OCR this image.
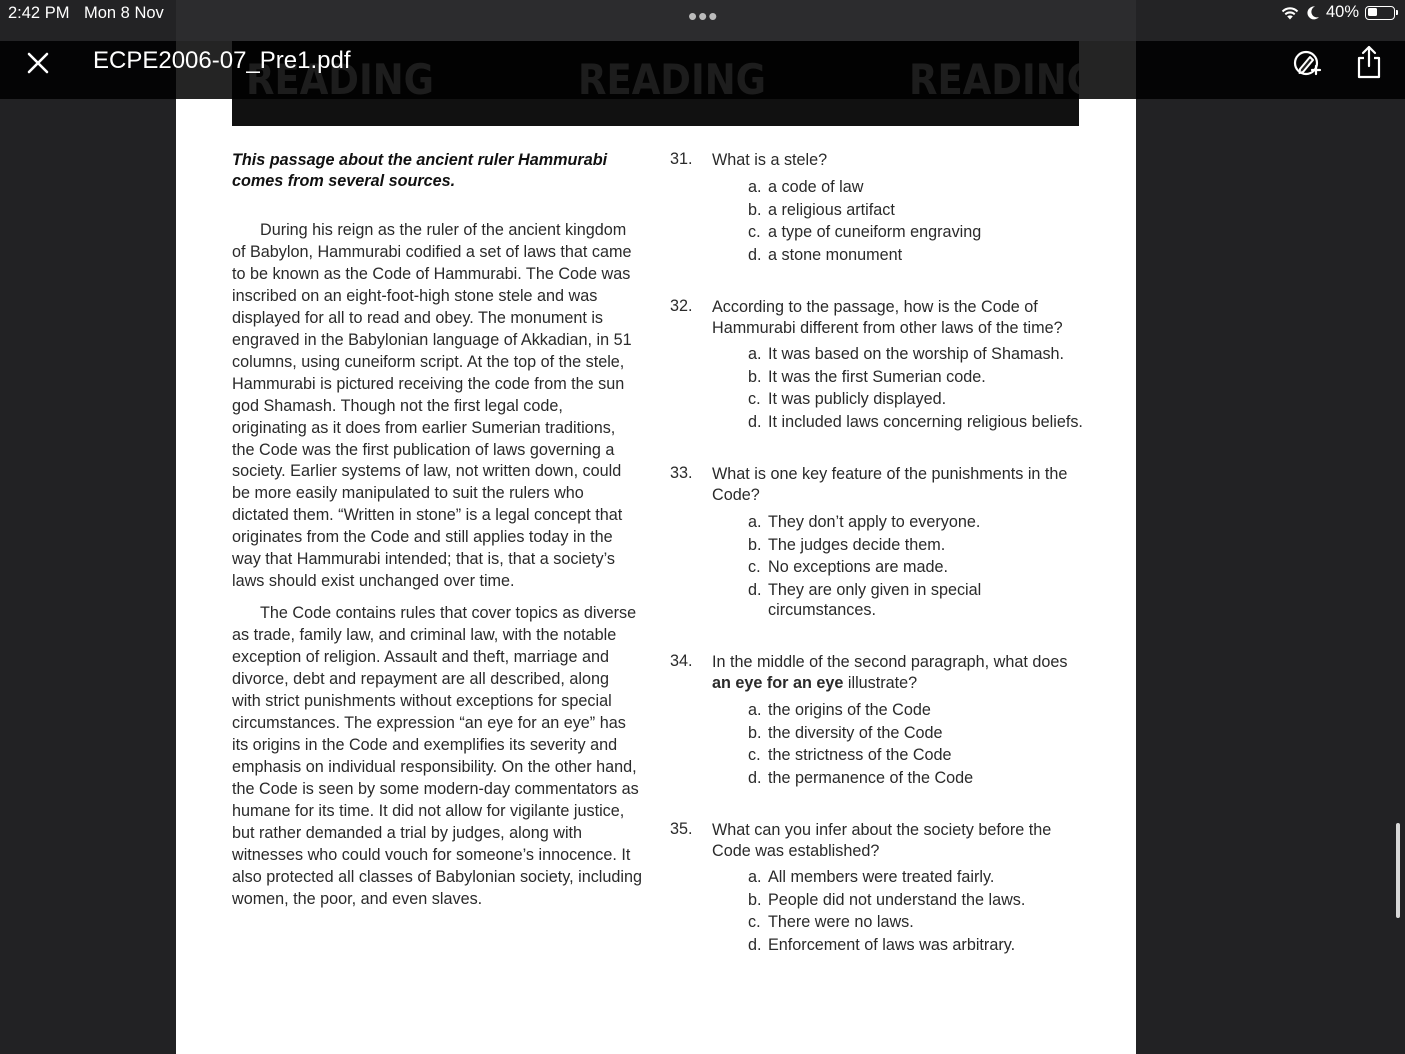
This passage about the ancient ruler Hammurabi comes from several sources.

During his reign as the ruler of the ancient kingdom of Babylon, Hammurabi codified a set of laws that came to be known as the Code of Hammurabi. The Code was inscribed on an eight-foot-high stone stele and was displayed for all to read and obey. The monument is engraved in the Babylonian language of Akkadian, in 51 columns, using cuneiform script. At the top of the stele, Hammurabi is pictured receiving the code from the sun god Shamash. Though not the first legal code, originating as it does from earlier Sumerian traditions, the Code was the first publication of laws governing a society. Earlier systems of law, not written down, could be more easily manipulated to suit the rulers who dictated them. “Written in stone” is a legal concept that originates from the Code and still applies today in the way that Hammurabi intended; that is, that a society’s laws should exist unchanged over time.

The Code contains rules that cover topics as diverse as trade, family law, and criminal law, with the notable exception of religion. Assault and theft, marriage and divorce, debt and repayment are all described, along with strict punishments without exceptions for special circumstances. The expression “an eye for an eye” has its origins in the Code and exemplifies its severity and emphasis on individual responsibility. On the other hand, the Code is seen by some modern-day commentators as humane for its time. It did not allow for vigilante justice, but rather demanded a trial by judges, along with witnesses who could vouch for someone’s innocence. It also protected all classes of Babylonian society, including women, the poor, and even slaves.

31. What is a stele?
a. a code of law
b. a religious artifact
c. a type of cuneiform engraving
d. a stone monument
32. According to the passage, how is the Code of Hammurabi different from other laws of the time?
a. It was based on the worship of Shamash.
b. It was the first Sumerian code.
c. It was publicly displayed.
d. It included laws concerning religious beliefs.
33. What is one key feature of the punishments in the Code?
a. They don’t apply to everyone.
b. The judges decide them.
c. No exceptions are made.
d. They are only given in special circumstances.
34. In the middle of the second paragraph, what does an eye for an eye illustrate?
a. the origins of the Code
b. the diversity of the Code
c. the strictness of the Code
d. the permanence of the Code
35. What can you infer about the society before the Code was established?
a. All members were treated fairly.
b. People did not understand the laws.
c. There were no laws.
d. Enforcement of laws was arbitrary.
2:42 PM Mon 8 Nov	40%
•••
ECPE2006-07_Pre1.pdf
